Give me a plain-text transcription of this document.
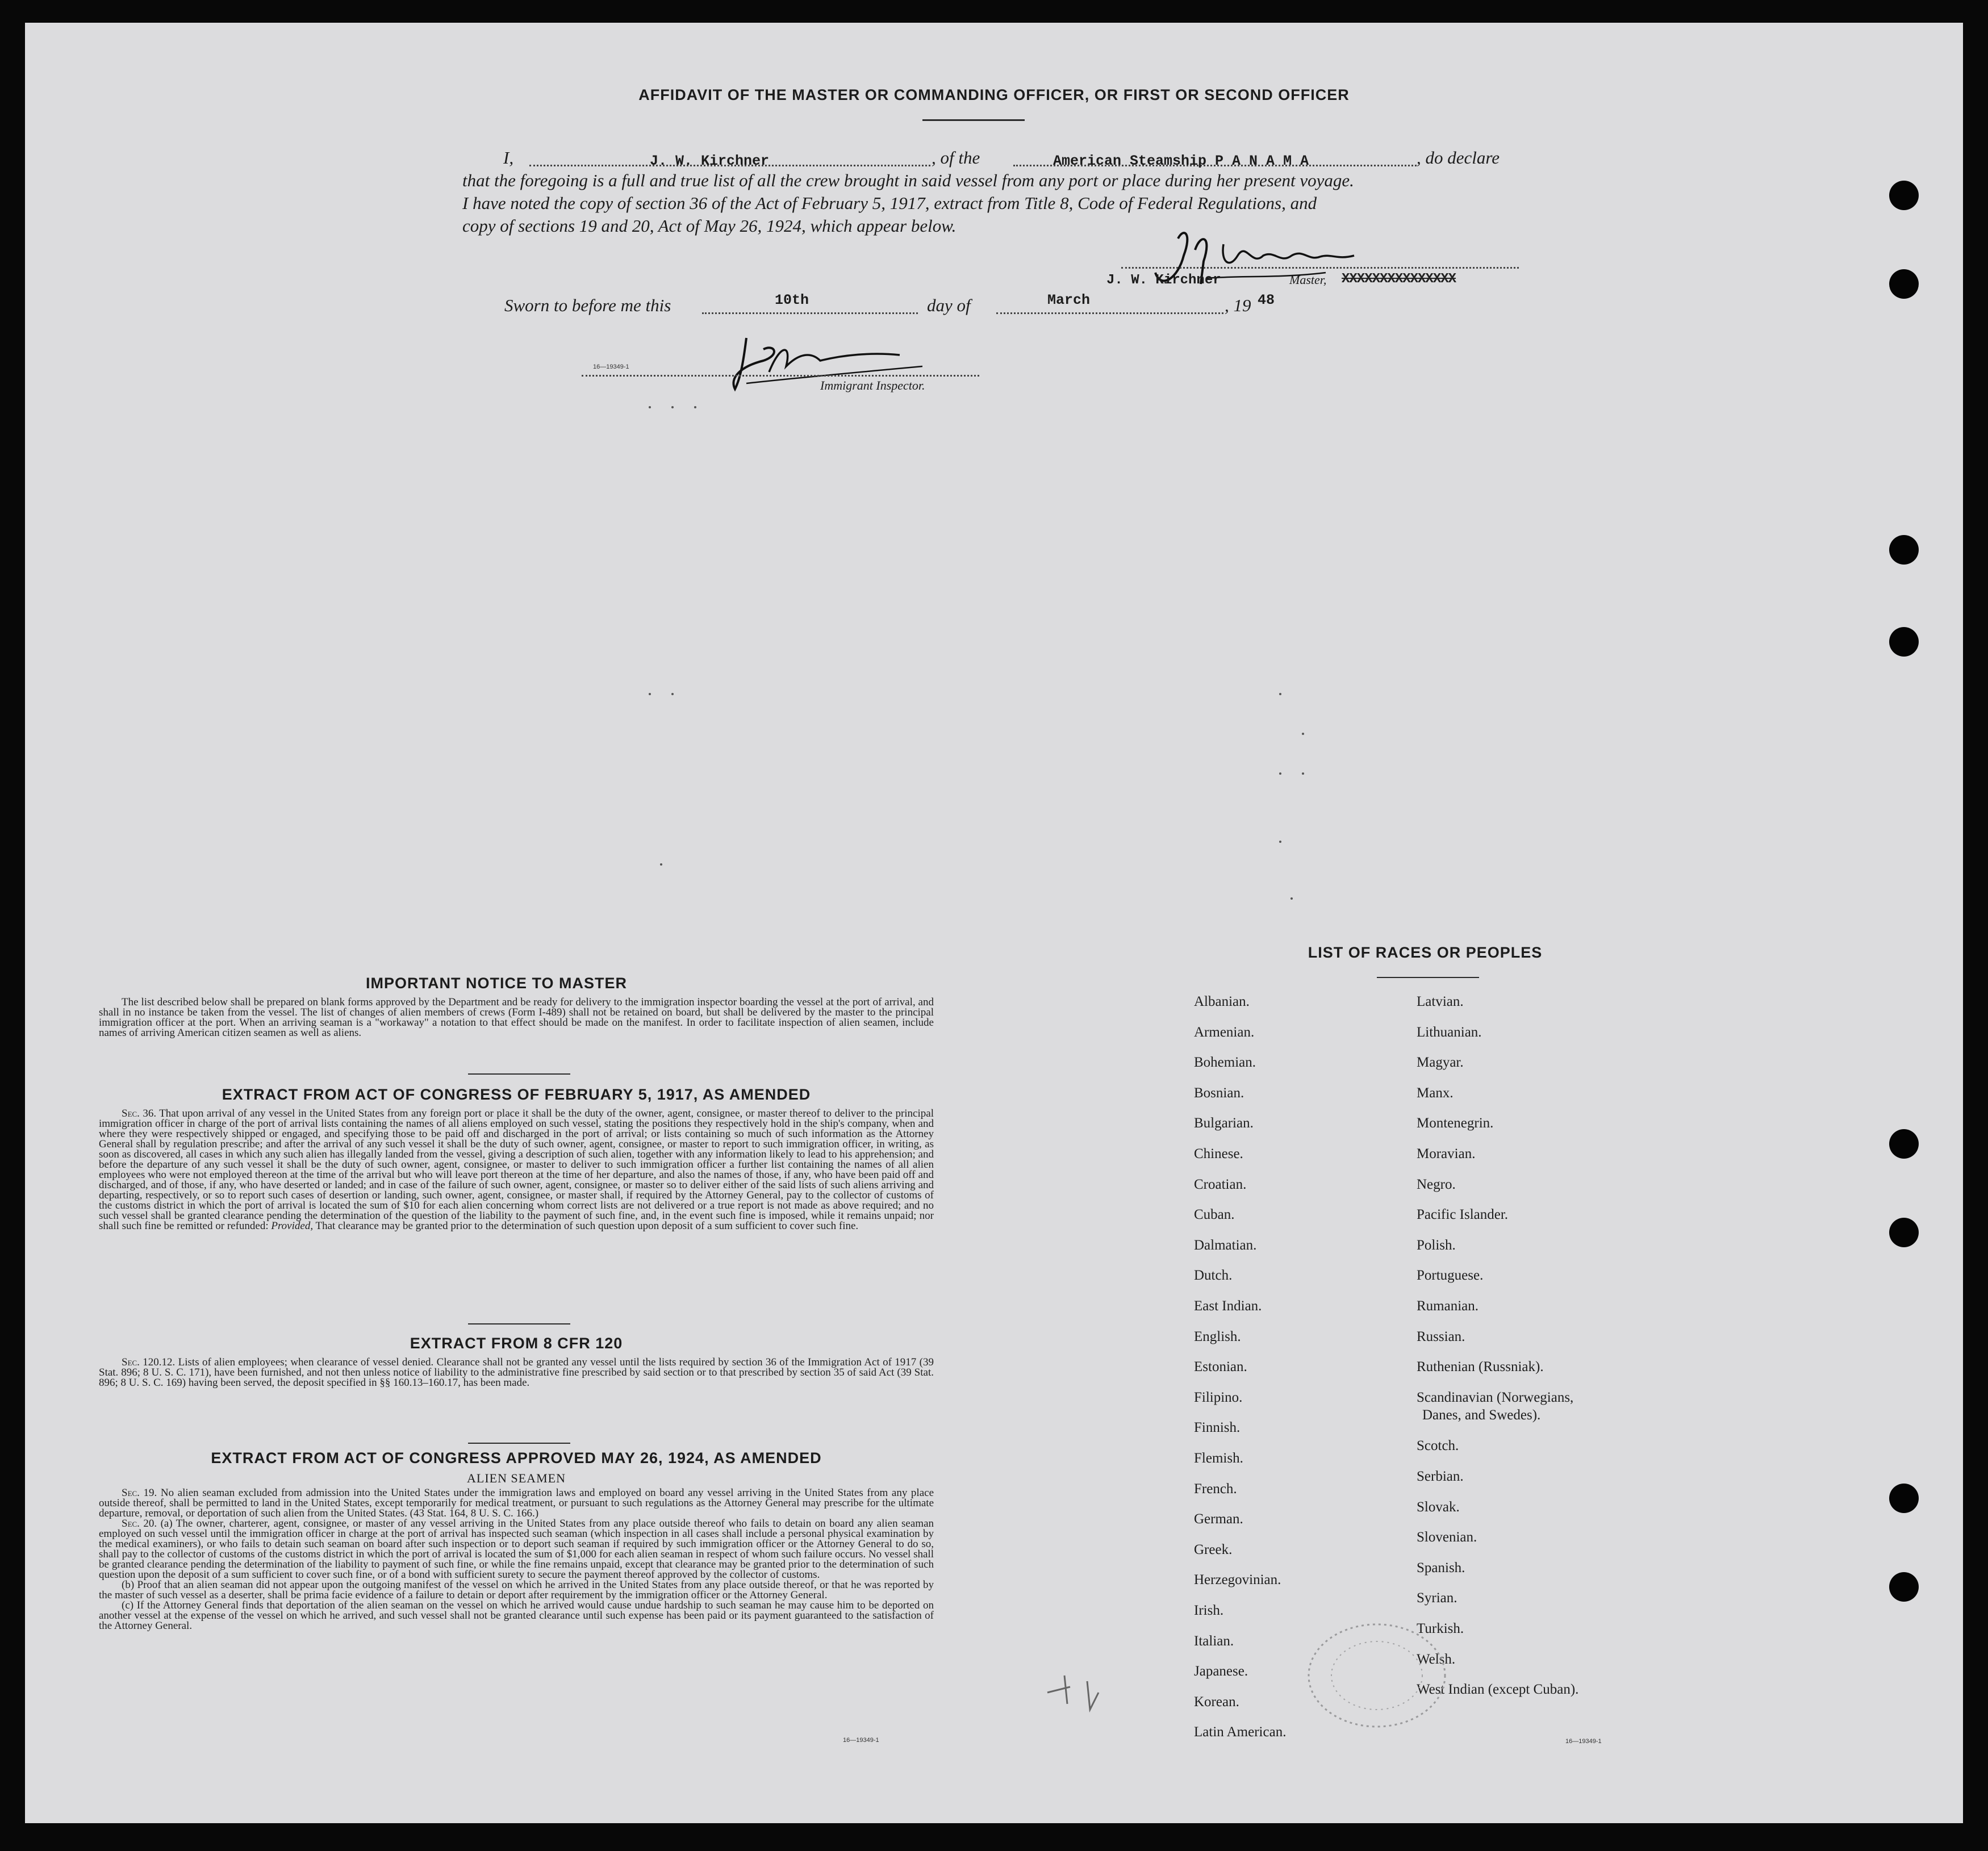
AFFIDAVIT OF THE MASTER OR COMMANDING OFFICER, OR FIRST OR SECOND OFFICER
I,	J. W. Kirchner	, of the	American Steamship P A N A M A	, do declare
that the foregoing is a full and true list of all the crew brought in said vessel from any port or place during her present voyage.
I have noted the copy of section 36 of the Act of February 5, 1917, extract from Title 8, Code of Federal Regulations, and
copy of sections 19 and 20, Act of May 26, 1924, which appear below.
J. W. Kirchner	Master, XXXXXXXXXXXXXXX
Sworn to before me this	10th	day of	March	, 19 48
16—19349-1
Immigrant Inspector.
IMPORTANT NOTICE TO MASTER
The list described below shall be prepared on blank forms approved by the Department and be ready for delivery to the immigration inspector boarding the vessel at the port of arrival, and shall in no instance be taken from the vessel. The list of changes of alien members of crews (Form I-489) shall not be retained on board, but shall be delivered by the master to the principal immigration officer at the port. When an arriving seaman is a "workaway" a notation to that effect should be made on the manifest. In order to facilitate inspection of alien seamen, include names of arriving American citizen seamen as well as aliens.
EXTRACT FROM ACT OF CONGRESS OF FEBRUARY 5, 1917, AS AMENDED
Sec. 36. That upon arrival of any vessel in the United States from any foreign port or place it shall be the duty of the owner, agent, consignee, or master thereof to deliver to the principal immigration officer in charge of the port of arrival lists containing the names of all aliens employed on such vessel, stating the positions they respectively hold in the ship's company, when and where they were respectively shipped or engaged, and specifying those to be paid off and discharged in the port of arrival; or lists containing so much of such information as the Attorney General shall by regulation prescribe; and after the arrival of any such vessel it shall be the duty of such owner, agent, consignee, or master to report to such immigration officer, in writing, as soon as discovered, all cases in which any such alien has illegally landed from the vessel, giving a description of such alien, together with any information likely to lead to his apprehension; and before the departure of any such vessel it shall be the duty of such owner, agent, consignee, or master to deliver to such immigration officer a further list containing the names of all alien employees who were not employed thereon at the time of the arrival but who will leave port thereon at the time of her departure, and also the names of those, if any, who have been paid off and discharged, and of those, if any, who have deserted or landed; and in case of the failure of such owner, agent, consignee, or master so to deliver either of the said lists of such aliens arriving and departing, respectively, or so to report such cases of desertion or landing, such owner, agent, consignee, or master shall, if required by the Attorney General, pay to the collector of customs of the customs district in which the port of arrival is located the sum of $10 for each alien concerning whom correct lists are not delivered or a true report is not made as above required; and no such vessel shall be granted clearance pending the determination of the question of the liability to the payment of such fine, and, in the event such fine is imposed, while it remains unpaid; nor shall such fine be remitted or refunded: Provided, That clearance may be granted prior to the determination of such question upon deposit of a sum sufficient to cover such fine.
EXTRACT FROM 8 CFR 120
Sec. 120.12. Lists of alien employees; when clearance of vessel denied. Clearance shall not be granted any vessel until the lists required by section 36 of the Immigration Act of 1917 (39 Stat. 896; 8 U. S. C. 171), have been furnished, and not then unless notice of liability to the administrative fine prescribed by said section or to that prescribed by section 35 of said Act (39 Stat. 896; 8 U. S. C. 169) having been served, the deposit specified in §§ 160.13–160.17, has been made.
EXTRACT FROM ACT OF CONGRESS APPROVED MAY 26, 1924, AS AMENDED
ALIEN SEAMEN
Sec. 19. No alien seaman excluded from admission into the United States under the immigration laws and employed on board any vessel arriving in the United States from any place outside thereof, shall be permitted to land in the United States, except temporarily for medical treatment, or pursuant to such regulations as the Attorney General may prescribe for the ultimate departure, removal, or deportation of such alien from the United States. (43 Stat. 164, 8 U. S. C. 166.)
Sec. 20. (a) The owner, charterer, agent, consignee, or master of any vessel arriving in the United States from any place outside thereof who fails to detain on board any alien seaman employed on such vessel until the immigration officer in charge at the port of arrival has inspected such seaman (which inspection in all cases shall include a personal physical examination by the medical examiners), or who fails to detain such seaman on board after such inspection or to deport such seaman if required by such immigration officer or the Attorney General to do so, shall pay to the collector of customs of the customs district in which the port of arrival is located the sum of $1,000 for each alien seaman in respect of whom such failure occurs. No vessel shall be granted clearance pending the determination of the liability to payment of such fine, or while the fine remains unpaid, except that clearance may be granted prior to the determination of such question upon the deposit of a sum sufficient to cover such fine, or of a bond with sufficient surety to secure the payment thereof approved by the collector of customs.
(b) Proof that an alien seaman did not appear upon the outgoing manifest of the vessel on which he arrived in the United States from any place outside thereof, or that he was reported by the master of such vessel as a deserter, shall be prima facie evidence of a failure to detain or deport after requirement by the immigration officer or the Attorney General.
(c) If the Attorney General finds that deportation of the alien seaman on the vessel on which he arrived would cause undue hardship to such seaman he may cause him to be deported on another vessel at the expense of the vessel on which he arrived, and such vessel shall not be granted clearance until such expense has been paid or its payment guaranteed to the satisfaction of the Attorney General.
16—19349-1
LIST OF RACES OR PEOPLES
Albanian.
Armenian.
Bohemian.
Bosnian.
Bulgarian.
Chinese.
Croatian.
Cuban.
Dalmatian.
Dutch.
East Indian.
English.
Estonian.
Filipino.
Finnish.
Flemish.
French.
German.
Greek.
Herzegovinian.
Irish.
Italian.
Japanese.
Korean.
Latin American.
Latvian.
Lithuanian.
Magyar.
Manx.
Montenegrin.
Moravian.
Negro.
Pacific Islander.
Polish.
Portuguese.
Rumanian.
Russian.
Ruthenian (Russniak).
Scandinavian (Norwegians,
Danes, and Swedes).
Scotch.
Serbian.
Slovak.
Slovenian.
Spanish.
Syrian.
Turkish.
Welsh.
West Indian (except Cuban).
16—19349-1
